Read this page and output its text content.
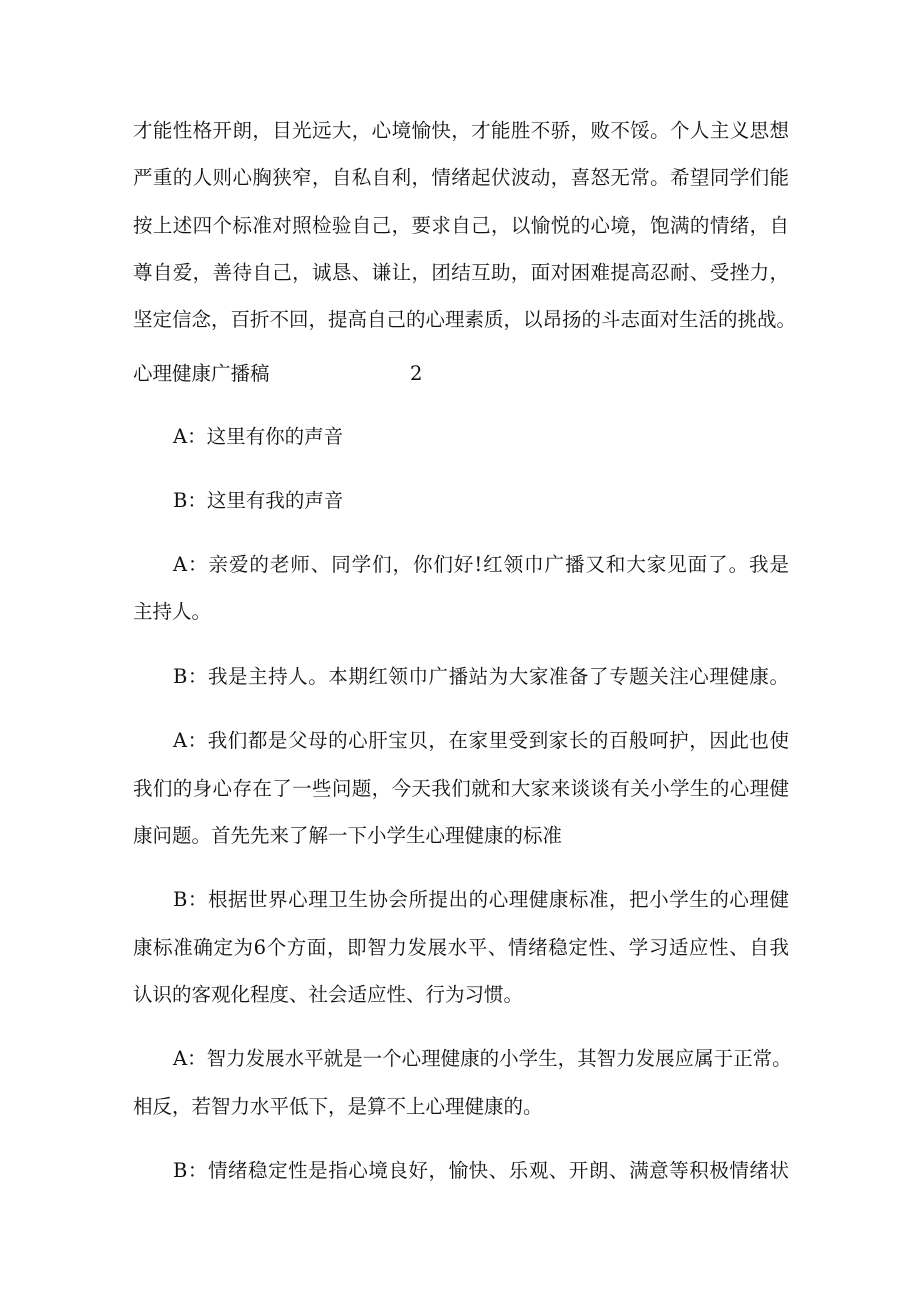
才能性格开朗，目光远大，心境愉快，才能胜不骄，败不馁。个人主义思想
严重的人则心胸狭窄，自私自利，情绪起伏波动，喜怒无常。希望同学们能
按上述四个标准对照检验自己，要求自己，以愉悦的心境，饱满的情绪，自
尊自爱，善待自己，诚恳、谦让，团结互助，面对困难提高忍耐、受挫力，
坚定信念，百折不回，提高自己的心理素质，以昂扬的斗志面对生活的挑战。
心理健康广播稿	2
A：这里有你的声音
B：这里有我的声音
A：亲爱的老师、同学们，你们好!红领巾广播又和大家见面了。我是
主持人。
B：我是主持人。本期红领巾广播站为大家准备了专题关注心理健康。
A：我们都是父母的心肝宝贝，在家里受到家长的百般呵护，因此也使
我们的身心存在了一些问题，今天我们就和大家来谈谈有关小学生的心理健
康问题。首先先来了解一下小学生心理健康的标准
B：根据世界心理卫生协会所提出的心理健康标准，把小学生的心理健
康标准确定为6个方面，即智力发展水平、情绪稳定性、学习适应性、自我
认识的客观化程度、社会适应性、行为习惯。
A：智力发展水平就是一个心理健康的小学生，其智力发展应属于正常。
相反，若智力水平低下，是算不上心理健康的。
B：情绪稳定性是指心境良好，愉快、乐观、开朗、满意等积极情绪状
